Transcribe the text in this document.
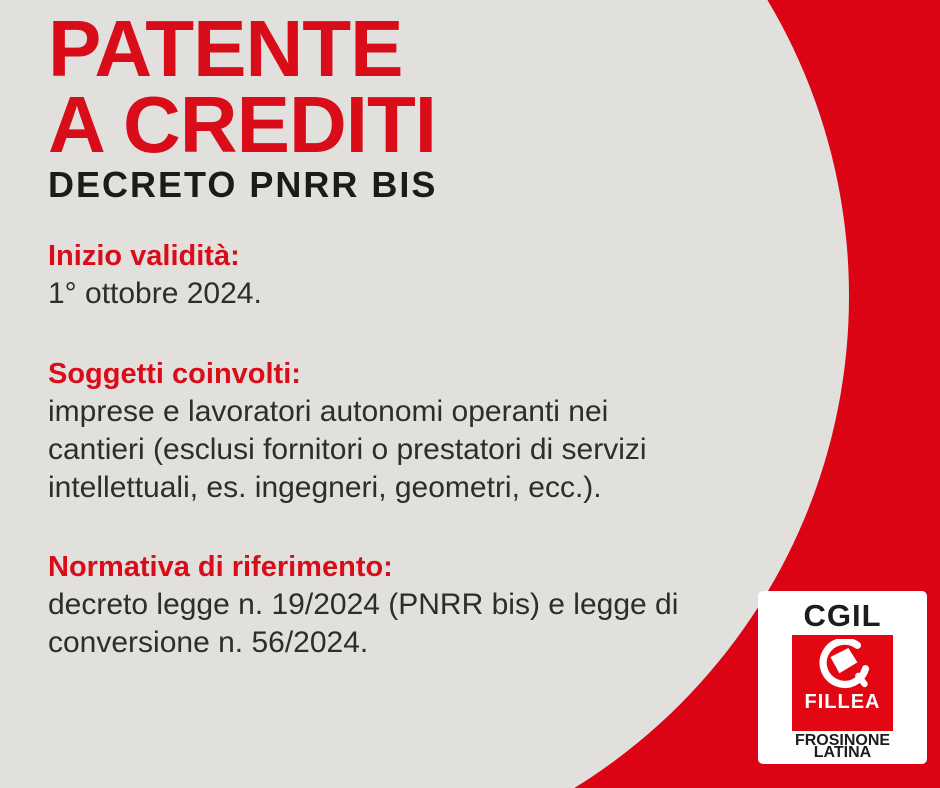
PATENTE
A CREDITI
DECRETO PNRR BIS
Inizio validità:
1° ottobre 2024.
Soggetti coinvolti:
imprese e lavoratori autonomi operanti nei
cantieri (esclusi fornitori o prestatori di servizi
intellettuali, es. ingegneri, geometri, ecc.).
Normativa di riferimento:
decreto legge n. 19/2024 (PNRR bis) e legge di
conversione n. 56/2024.
CGIL
FILLEA
FROSINONE
LATINA
